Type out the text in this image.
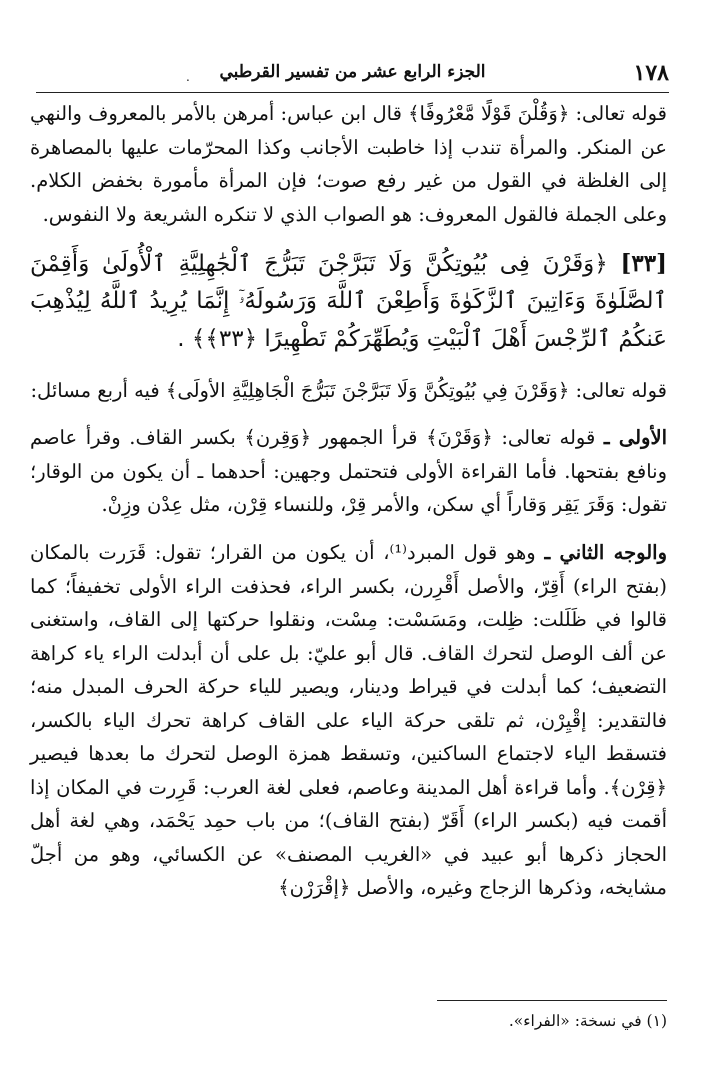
١٧٨
الجزء الرابع عشر من تفسير القرطبي
.

قوله تعالى: ﴿وَقُلْنَ قَوْلًا مَّعْرُوفًا﴾ قال ابن عباس: أمرهن بالأمر بالمعروف والنهي عن المنكر. والمرأة تندب إذا خاطبت الأجانب وكذا المحرّمات عليها بالمصاهرة إلى الغلظة في القول من غير رفع صوت؛ فإن المرأة مأمورة بخفض الكلام. وعلى الجملة فالقول المعروف: هو الصواب الذي لا تنكره الشريعة ولا النفوس.

[٣٣] ﴿وَقَرْنَ فِى بُيُوتِكُنَّ وَلَا تَبَرَّجْنَ تَبَرُّجَ ٱلْجَٰهِلِيَّةِ ٱلْأُولَىٰ وَأَقِمْنَ ٱلصَّلَوٰةَ وَءَاتِينَ ٱلزَّكَوٰةَ وَأَطِعْنَ ٱللَّهَ وَرَسُولَهُۥٓ إِنَّمَا يُرِيدُ ٱللَّهُ لِيُذْهِبَ عَنكُمُ ٱلرِّجْسَ أَهْلَ ٱلْبَيْتِ وَيُطَهِّرَكُمْ تَطْهِيرًا ﴿٣٣﴾﴾ .

قوله تعالى: ﴿وَقَرْنَ فِي بُيُوتِكُنَّ وَلَا تَبَرَّجْنَ تَبَرُّجَ الْجَاهِلِيَّةِ الأولَى﴾ فيه أربع مسائل:

الأولى ـ قوله تعالى: ﴿وَقَرْنَ﴾ قرأ الجمهور ﴿وَقِرن﴾ بكسر القاف. وقرأ عاصم ونافع بفتحها. فأما القراءة الأولى فتحتمل وجهين: أحدهما ـ أن يكون من الوقار؛ تقول: وَقَرَ يَقِر وَقاراً أي سكن، والأمر قِرْ، وللنساء قِرْن، مثل عِدْن وزِنْ.

والوجه الثاني ـ وهو قول المبرد⁽¹⁾، أن يكون من القرار؛ تقول: قَرَرت بالمكان (بفتح الراء) أَقِرّ، والأصل أَقْرِرن، بكسر الراء، فحذفت الراء الأولى تخفيفاً؛ كما قالوا في ظَلَلت: ظِلت، ومَسَسْت: مِسْت، ونقلوا حركتها إلى القاف، واستغنى عن ألف الوصل لتحرك القاف. قال أبو عليّ: بل على أن أبدلت الراء ياء كراهة التضعيف؛ كما أبدلت في قيراط ودينار، ويصير للياء حركة الحرف المبدل منه؛ فالتقدير: إقْيِرْن، ثم تلقى حركة الياء على القاف كراهة تحرك الياء بالكسر، فتسقط الياء لاجتماع الساكنين، وتسقط همزة الوصل لتحرك ما بعدها فيصير ﴿قِرْن﴾. وأما قراءة أهل المدينة وعاصم، فعلى لغة العرب: قَرِرت في المكان إذا أقمت فيه (بكسر الراء) أَقَرّ (بفتح القاف)؛ من باب حمِد يَحْمَد، وهي لغة أهل الحجاز ذكرها أبو عبيد في «الغريب المصنف» عن الكسائي، وهو من أجلّ مشايخه، وذكرها الزجاج وغيره، والأصل ﴿إقْرَرْن﴾

(١) في نسخة: «الفراء».
